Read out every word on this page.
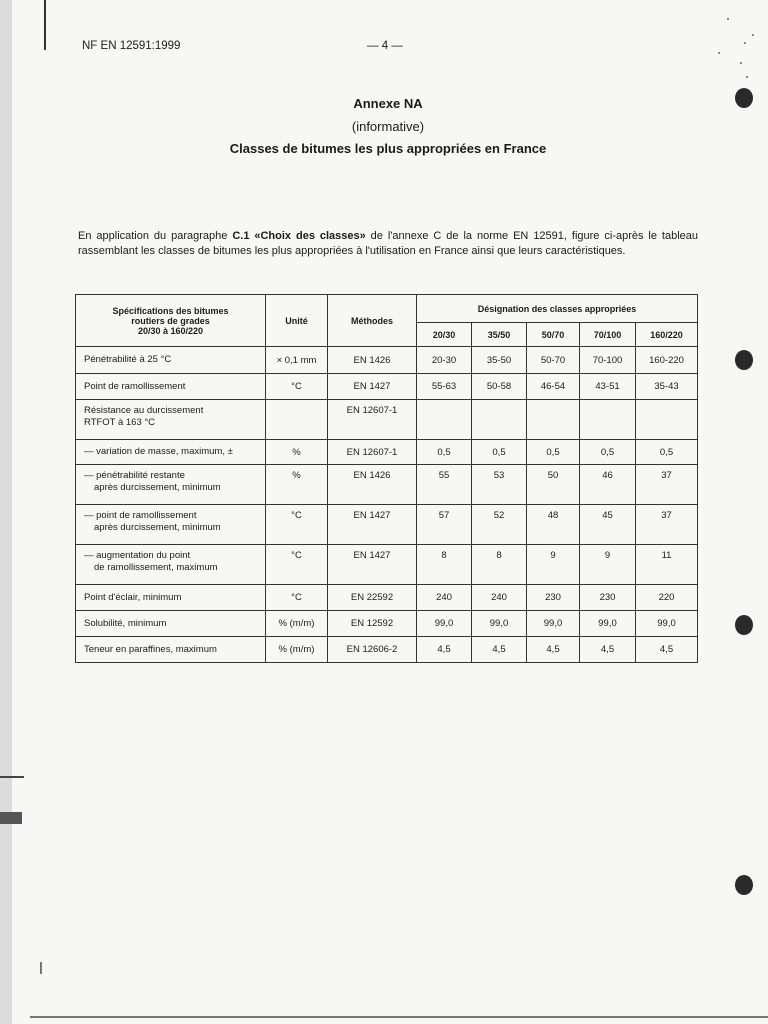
NF EN 12591:1999	— 4 —
Annexe NA
(informative)
Classes de bitumes les plus appropriées en France
En application du paragraphe C.1 «Choix des classes» de l'annexe C de la norme EN 12591, figure ci-après le tableau rassemblant les classes de bitumes les plus appropriées à l'utilisation en France ainsi que leurs caractéristiques.
Spécifications des bitumes
routiers de grades
20/30 à 160/220	Unité	Méthodes	Désignation des classes appropriées				
			20/30	35/50	50/70	70/100	160/220
Pénétrabilité à 25 °C	× 0,1 mm	EN 1426	20-30	35-50	50-70	70-100	160-220
Point de ramollissement	°C	EN 1427	55-63	50-58	46-54	43-51	35-43
Résistance au durcissement
RTFOT à 163 °C		EN 12607-1					
— variation de masse, maximum, ±	%	EN 12607-1	0,5	0,5	0,5	0,5	0,5
— pénétrabilité restante
après durcissement, minimum	%	EN 1426	55	53	50	46	37
— point de ramollissement
après durcissement, minimum	°C	EN 1427	57	52	48	45	37
— augmentation du point
de ramollissement, maximum	°C	EN 1427	8	8	9	9	11
Point d'éclair, minimum	°C	EN 22592	240	240	230	230	220
Solubilité, minimum	% (m/m)	EN 12592	99,0	99,0	99,0	99,0	99,0
Teneur en paraffines, maximum	% (m/m)	EN 12606-2	4,5	4,5	4,5	4,5	4,5
